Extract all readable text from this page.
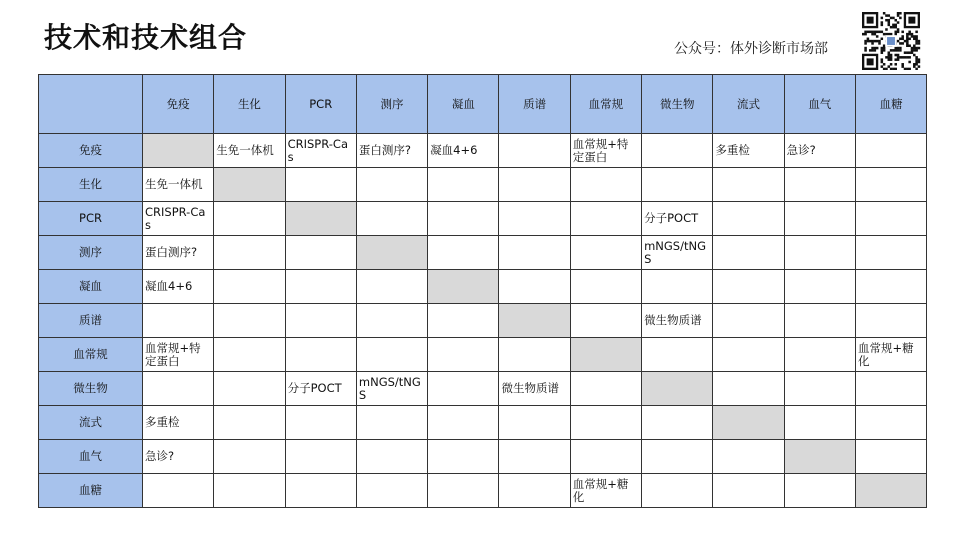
技术和技术组合	公众号：体外诊断市场部
	免疫	生化	PCR	测序	凝血	质谱	血常规	微生物	流式	血气	血糖
免疫		生免一体机	CRISPR-Cas	蛋白测序?	凝血4+6		血常规+特定蛋白		多重检	急诊?	
生化	生免一体机										
PCR	CRISPR-Cas							分子POCT			
测序	蛋白测序?							mNGS/tNGS			
凝血	凝血4+6										
质谱								微生物质谱			
血常规	血常规+特定蛋白										血常规+糖化
微生物			分子POCT	mNGS/tNGS		微生物质谱					
流式	多重检										
血气	急诊?										
血糖							血常规+糖化				
